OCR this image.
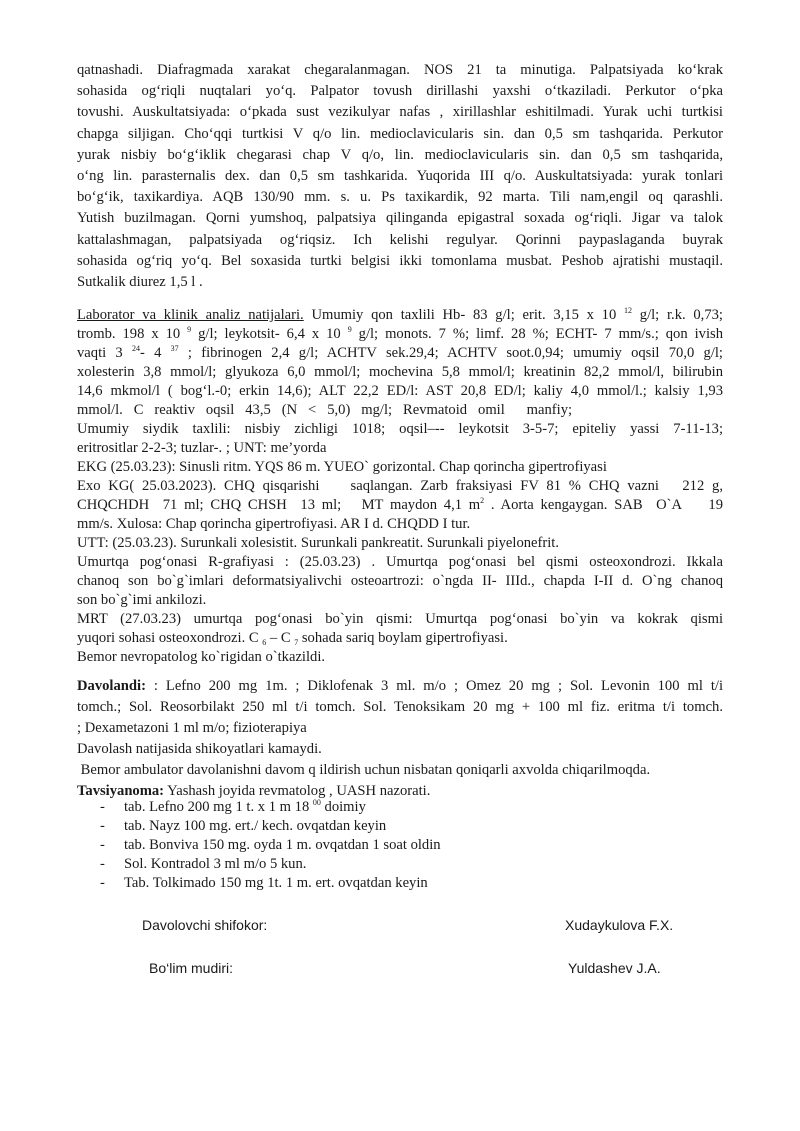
qatnashadi. Diafragmada xarakat chegaralanmagan. NOS 21 ta minutiga. Palpatsiyada ko‘krak
sohasida og‘riqli nuqtalari yo‘q. Palpator tovush dirillashi yaxshi o‘tkaziladi. Perkutor o‘pka
tovushi. Auskultatsiyada: o‘pkada sust vezikulyar nafas , xirillashlar eshitilmadi. Yurak uchi turtkisi
chapga siljigan. Cho‘qqi turtkisi V q/o lin. medioclavicularis sin. dan 0,5 sm tashqarida. Perkutor
yurak nisbiy bo‘g‘iklik chegarasi chap V q/o, lin. medioclavicularis sin. dan 0,5 sm tashqarida,
o‘ng lin. parasternalis dex. dan 0,5 sm tashkarida. Yuqorida III q/o. Auskultatsiyada: yurak tonlari
bo‘g‘ik, taxikardiya. AQB 130/90 mm. s. u. Ps taxikardik, 92 marta. Tili nam,engil oq qarashli.
Yutish buzilmagan. Qorni yumshoq, palpatsiya qilinganda epigastral soxada og‘riqli. Jigar va talok
kattalashmagan, palpatsiyada og‘riqsiz. Ich kelishi regulyar. Qorinni paypaslaganda buyrak
sohasida og‘riq yo‘q. Bel soxasida turtki belgisi ikki tomonlama musbat. Peshob ajratishi mustaqil.
Sutkalik diurez 1,5 l .
Laborator va klinik analiz natijalari. Umumiy qon taxlili Hb- 83 g/l; erit. 3,15 x 10 $^{12}$ g/l; r.k. 0,73;
tromb. 198 x 10 $^9$ g/l; leykotsit- 6,4 x 10 $^9$ g/l; monots. 7 %; limf. 28 %; ECHT- 7 mm/s.; qon ivish
vaqti 3 $^{24}$- 4 $^{37}$ ; fibrinogen 2,4 g/l; ACHTV sek.29,4; ACHTV soot.0,94; umumiy oqsil 70,0 g/l;
xolesterin 3,8 mmol/l; glyukoza 6,0 mmol/l; mochevina 5,8 mmol/l; kreatinin 82,2 mmol/l, bilirubin
14,6 mkmol/l ( bog‘l.-0; erkin 14,6); ALT 22,2 ED/l: AST 20,8 ED/l; kaliy 4,0 mmol/l.; kalsiy 1,93
mmol/l.   C   reaktiv   oqsil   43,5   (N   <   5,0)   mg/l;   Revmatoid   omil      manfiy;
Umumiy siydik taxlili: nisbiy zichligi 1018; oqsil–-- leykotsit 3-5-7; epiteliy yassi 7-11-13;
eritrositlar 2-2-3; tuzlar-. ; UNT: me’yorda
EKG (25.03.23): Sinusli ritm. YQS 86 m. YUEO` gorizontal. Chap qorincha gipertrofiyasi
Exo KG( 25.03.2023). CHQ qisqarishi    saqlangan. Zarb fraksiyasi FV 81 % CHQ vazni   212 g,
CHQCHDH  71 ml; CHQ CHSH  13 ml;   MT maydon 4,1 $m^2$ . Aorta kengaygan. SAB  O`A    19
mm/s. Xulosa: Chap qorincha gipertrofiyasi. AR I d. CHQDD I tur.
UTT: (25.03.23). Surunkali xolesistit. Surunkali pankreatit. Surunkali piyelonefrit.
Umurtqa pog‘onasi R-grafiyasi : (25.03.23) . Umurtqa pog‘onasi bel qismi osteoxondrozi. Ikkala
chanoq son bo`g`imlari deformatsiyalivchi osteoartrozi: o`ngda II- IIId., chapda I-II d. O`ng chanoq
son bo`g`imi ankilozi.
MRT (27.03.23) umurtqa pog‘onasi bo`yin qismi: Umurtqa pog‘onasi bo`yin va kokrak qismi
yuqori sohasi osteoxondrozi. C $_6$ – C $_7$ sohada sariq boylam gipertrofiyasi.
Bemor nevropatolog ko`rigidan o`tkazildi.
Davolandi: : Lefno 200 mg 1m. ; Diklofenak 3 ml. m/o ; Omez 20 mg ; Sol. Levonin 100 ml t/i
tomch.; Sol. Reosorbilakt 250 ml t/i tomch. Sol. Tenoksikam 20 mg + 100 ml fiz. eritma t/i tomch.
; Dexametazoni 1 ml m/o; fizioterapiya
Davolash natijasida shikoyatlari kamaydi.
Bemor ambulator davolanishni davom q ildirish uchun nisbatan qoniqarli axvolda chiqarilmoqda.
Tavsiyanoma: Yashash joyida revmatolog , UASH nazorati.
- tab. Lefno 200 mg 1 t. x 1 m 18 $^{00}$ doimiy
- tab. Nayz 100 mg. ert./ kech. ovqatdan keyin
- tab. Bonviva 150 mg. oyda 1 m. ovqatdan 1 soat oldin
- Sol. Kontradol 3 ml m/o 5 kun.
- Tab. Tolkimado 150 mg 1t. 1 m. ert. ovqatdan keyin
Davolovchi shifokor:	Xudaykulova F.X.
Bo‘lim mudiri:	Yuldashev J.A.
